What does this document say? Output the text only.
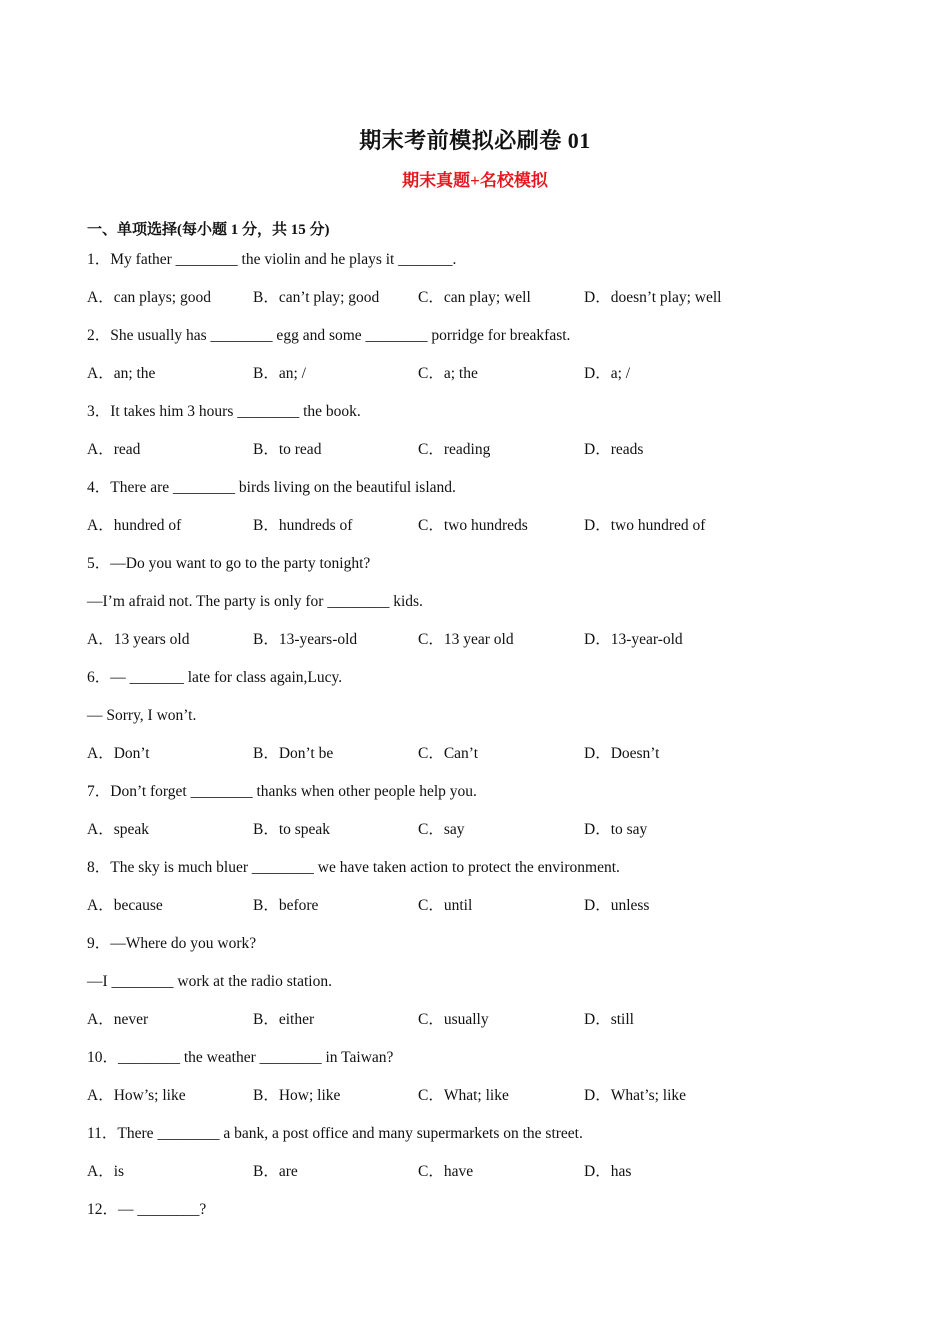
期末考前模拟必刷卷 01
期末真题+名校模拟
一、单项选择(每小题 1 分，共 15 分)
1．My father ________ the violin and he plays it _______.
A．can plays; good	B．can’t play; good C．can play; well	D．doesn’t play; well
2．She usually has ________ egg and some ________ porridge for breakfast.
A．an; the	B．an; /	C．a; the	D．a; /
3．It takes him 3 hours ________ the book.
A．read	B．to read	C．reading	D．reads
4．There are ________ birds living on the beautiful island.
A．hundred of	B．hundreds of	C．two hundreds	D．two hundred of
5．—Do you want to go to the party tonight?
—I’m afraid not. The party is only for ________ kids.
A．13 years old	B．13-years-old	C．13 year old	D．13-year-old
6．— _______ late for class again,Lucy.
— Sorry, I won’t.
A．Don’t	B．Don’t be	C．Can’t	D．Doesn’t
7．Don’t forget ________ thanks when other people help you.
A．speak	B．to speak	C．say	D．to say
8．The sky is much bluer ________ we have taken action to protect the environment.
A．because	B．before	C．until	D．unless
9．—Where do you work?
—I ________ work at the radio station.
A．never	B．either	C．usually	D．still
10．________ the weather ________ in Taiwan?
A．How’s; like	B．How; like	C．What; like	D．What’s; like
11．There ________ a bank, a post office and many supermarkets on the street.
A．is	B．are	C．have	D．has
12．— ________?
